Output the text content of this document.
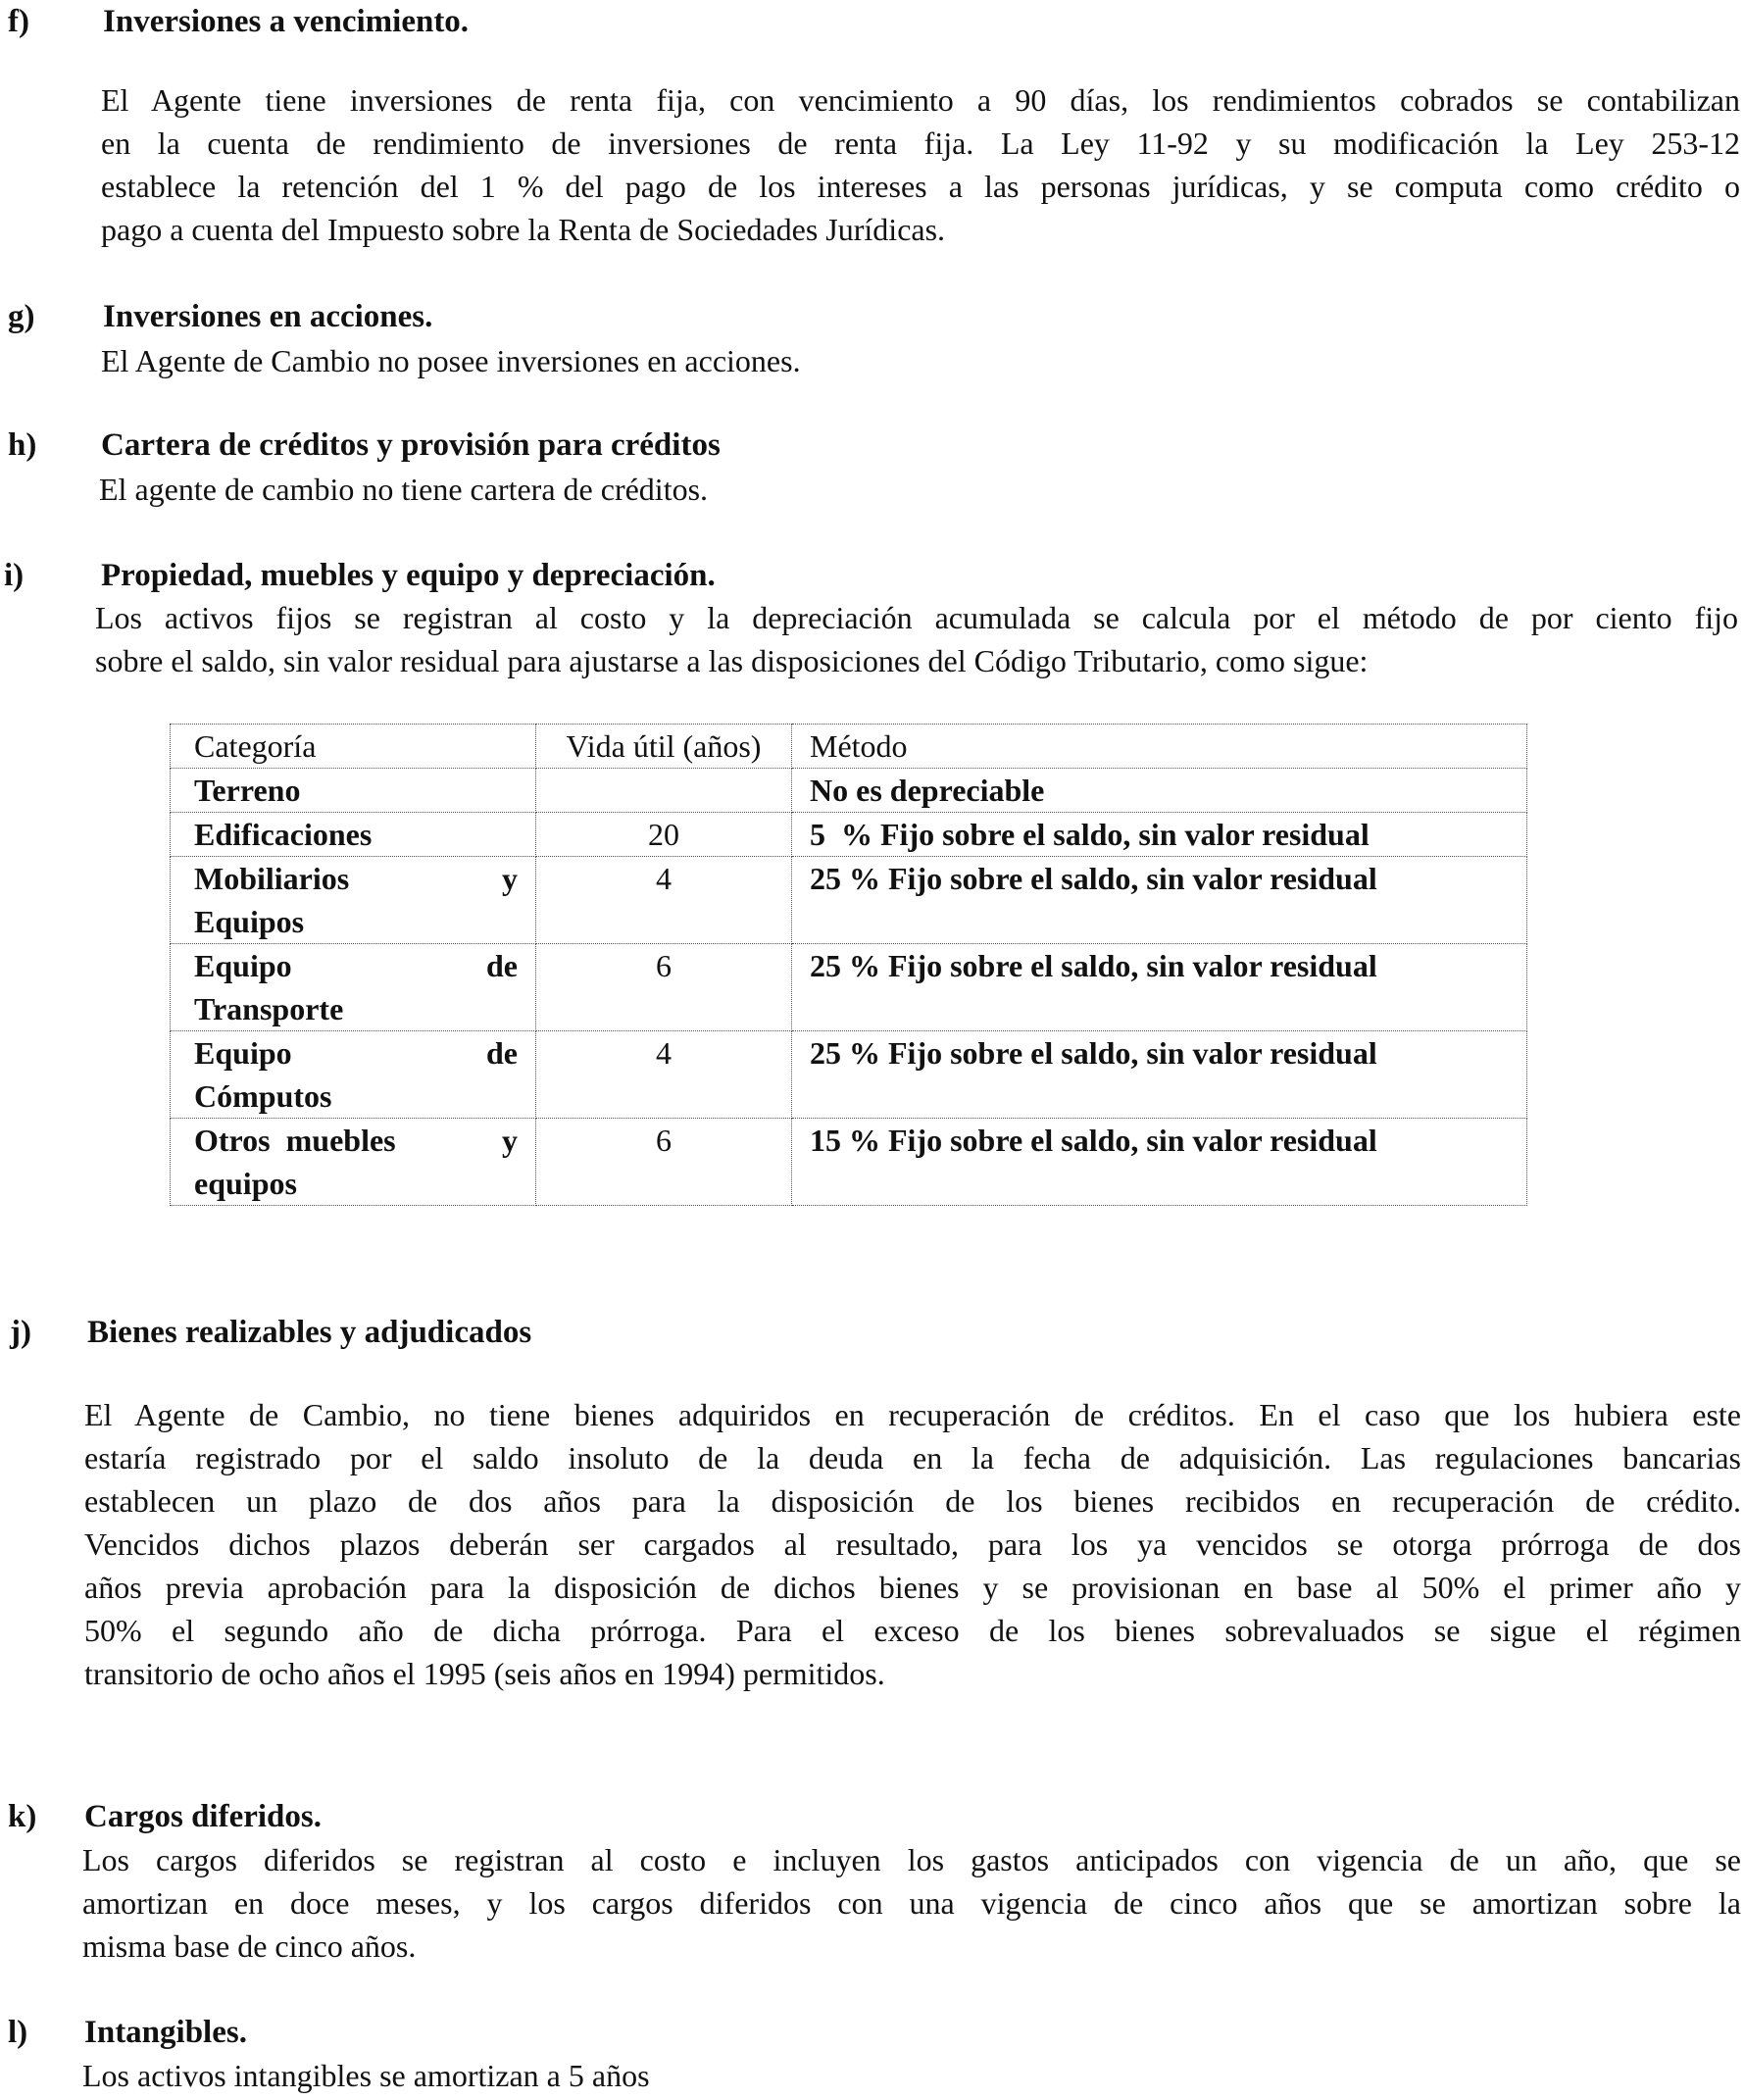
f) Inversiones a vencimiento.
El Agente tiene inversiones de renta fija, con vencimiento a 90 días, los rendimientos cobrados se contabilizan
en la cuenta de rendimiento de inversiones de renta fija. La Ley 11-92 y su modificación la Ley 253-12
establece la retención del 1 % del pago de los intereses a las personas jurídicas, y se computa como crédito o
pago a cuenta del Impuesto sobre la Renta de Sociedades Jurídicas.
g) Inversiones en acciones.
El Agente de Cambio no posee inversiones en acciones.
h) Cartera de créditos y provisión para créditos
El agente de cambio no tiene cartera de créditos.
i) Propiedad, muebles y equipo y depreciación.
Los activos fijos se registran al costo y la depreciación acumulada se calcula por el método de por ciento fijo
sobre el saldo, sin valor residual para ajustarse a las disposiciones del Código Tributario, como sigue:
Categoría	Vida útil (años)	Método
Terreno		No es depreciable
Edificaciones	20	5  % Fijo sobre el saldo, sin valor residual

Mobiliarios y
Equipos	4	25 % Fijo sobre el saldo, sin valor residual

Equipo de
Transporte	6	25 % Fijo sobre el saldo, sin valor residual

Equipo de
Cómputos	4	25 % Fijo sobre el saldo, sin valor residual

Otros  muebles y
equipos	6	15 % Fijo sobre el saldo, sin valor residual
j) Bienes realizables y adjudicados
El Agente de Cambio, no tiene bienes adquiridos en recuperación de créditos. En el caso que los hubiera este
estaría registrado por el saldo insoluto de la deuda en la fecha de adquisición. Las regulaciones bancarias
establecen un plazo de dos años para la disposición de los bienes recibidos en recuperación de crédito.
Vencidos dichos plazos deberán ser cargados al resultado, para los ya vencidos se otorga prórroga de dos
años previa aprobación para la disposición de dichos bienes y se provisionan en base al 50% el primer año y
50% el segundo año de dicha prórroga. Para el exceso de los bienes sobrevaluados se sigue el régimen
transitorio de ocho años el 1995 (seis años en 1994) permitidos.
k) Cargos diferidos.
Los cargos diferidos se registran al costo e incluyen los gastos anticipados con vigencia de un año, que se
amortizan en doce meses, y los cargos diferidos con una vigencia de cinco años que se amortizan sobre la
misma base de cinco años.
l) Intangibles.
Los activos intangibles se amortizan a 5 años
